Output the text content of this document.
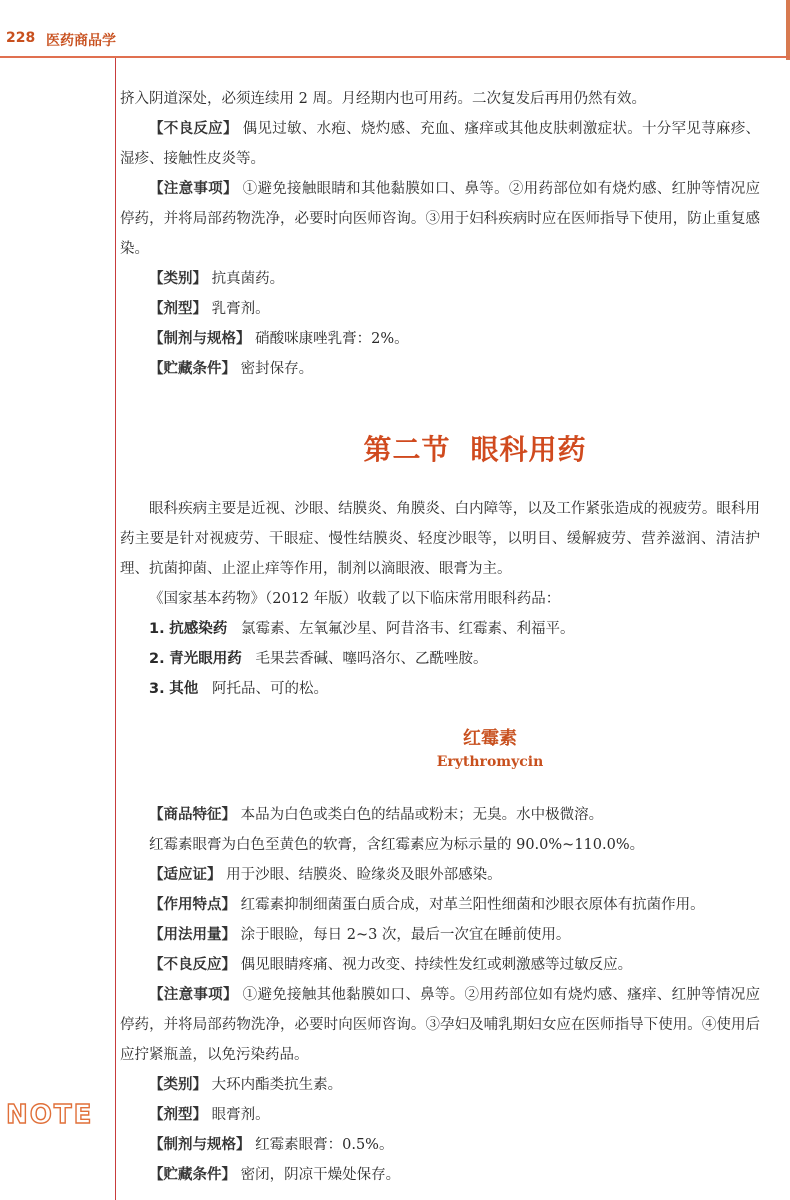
228 医药商品学

挤入阴道深处，必须连续用 2 周。月经期内也可用药。二次复发后再用仍然有效。

【不良反应】 偶见过敏、水疱、烧灼感、充血、瘙痒或其他皮肤刺激症状。十分罕见荨麻疹、湿疹、接触性皮炎等。

【注意事项】 ①避免接触眼睛和其他黏膜如口、鼻等。②用药部位如有烧灼感、红肿等情况应停药，并将局部药物洗净，必要时向医师咨询。③用于妇科疾病时应在医师指导下使用，防止重复感染。

【类别】 抗真菌药。

【剂型】 乳膏剂。

【制剂与规格】 硝酸咪康唑乳膏：2%。

【贮藏条件】 密封保存。

第二节 眼科用药

眼科疾病主要是近视、沙眼、结膜炎、角膜炎、白内障等，以及工作紧张造成的视疲劳。眼科用药主要是针对视疲劳、干眼症、慢性结膜炎、轻度沙眼等，以明目、缓解疲劳、营养滋润、清洁护理、抗菌抑菌、止涩止痒等作用，制剂以滴眼液、眼膏为主。

《国家基本药物》（2012 年版）收载了以下临床常用眼科药品：

1. 抗感染药 氯霉素、左氧氟沙星、阿昔洛韦、红霉素、利福平。

2. 青光眼用药 毛果芸香碱、噻吗洛尔、乙酰唑胺。

3. 其他 阿托品、可的松。

红霉素
Erythromycin

【商品特征】 本品为白色或类白色的结晶或粉末；无臭。水中极微溶。

红霉素眼膏为白色至黄色的软膏，含红霉素应为标示量的 90.0%~110.0%。

【适应证】 用于沙眼、结膜炎、睑缘炎及眼外部感染。

【作用特点】 红霉素抑制细菌蛋白质合成，对革兰阳性细菌和沙眼衣原体有抗菌作用。

【用法用量】 涂于眼睑，每日 2~3 次，最后一次宜在睡前使用。

【不良反应】 偶见眼睛疼痛、视力改变、持续性发红或刺激感等过敏反应。

【注意事项】 ①避免接触其他黏膜如口、鼻等。②用药部位如有烧灼感、瘙痒、红肿等情况应停药，并将局部药物洗净，必要时向医师咨询。③孕妇及哺乳期妇女应在医师指导下使用。④使用后应拧紧瓶盖，以免污染药品。

【类别】 大环内酯类抗生素。

【剂型】 眼膏剂。

【制剂与规格】 红霉素眼膏：0.5%。

【贮藏条件】 密闭，阴凉干燥处保存。

NOTE
